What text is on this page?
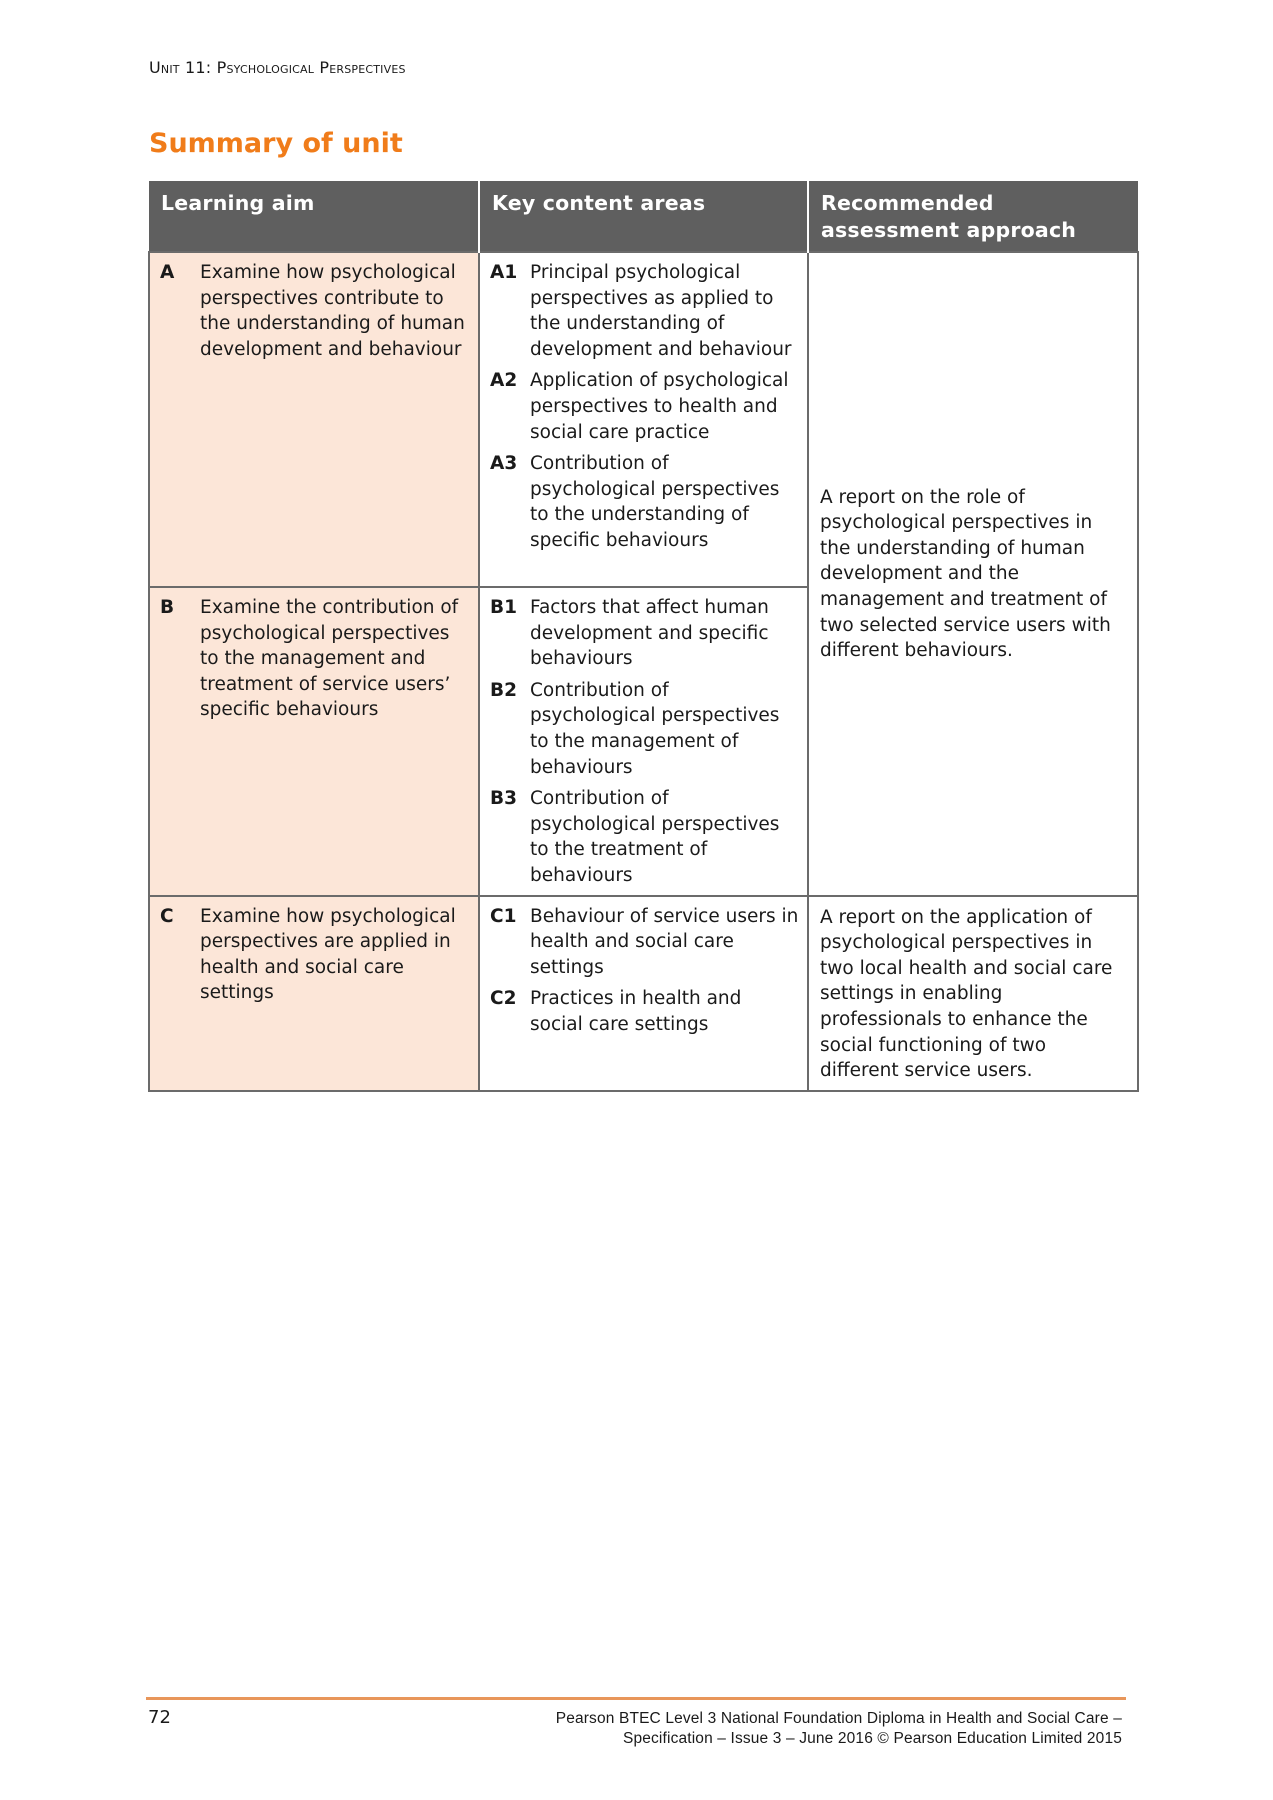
Unit 11: Psychological Perspectives
Summary of unit
Learning aim	Key content areas	Recommended assessment approach

A	Examine how psychological perspectives contribute to the understanding of human development and behaviour

A1 Principal psychological perspectives as applied to the understanding of development and behaviour
A2 Application of psychological perspectives to health and social care practice
A3 Contribution of psychological perspectives to the understanding of specific behaviours
	A report on the role of psychological perspectives in the understanding of human development and the management and treatment of two selected service users with different behaviours.

B	Examine the contribution of psychological perspectives to the management and treatment of service users’ specific behaviours

B1 Factors that affect human development and specific behaviours
B2 Contribution of psychological perspectives to the management of behaviours
B3 Contribution of psychological perspectives to the treatment of behaviours

C	Examine how psychological perspectives are applied in health and social care settings

C1 Behaviour of service users in health and social care settings
C2 Practices in health and social care settings
	A report on the application of psychological perspectives in two local health and social care settings in enabling professionals to enhance the social functioning of two different service users.
72	Pearson BTEC Level 3 National Foundation Diploma in Health and Social Care –
Specification – Issue 3 – June 2016 © Pearson Education Limited 2015
